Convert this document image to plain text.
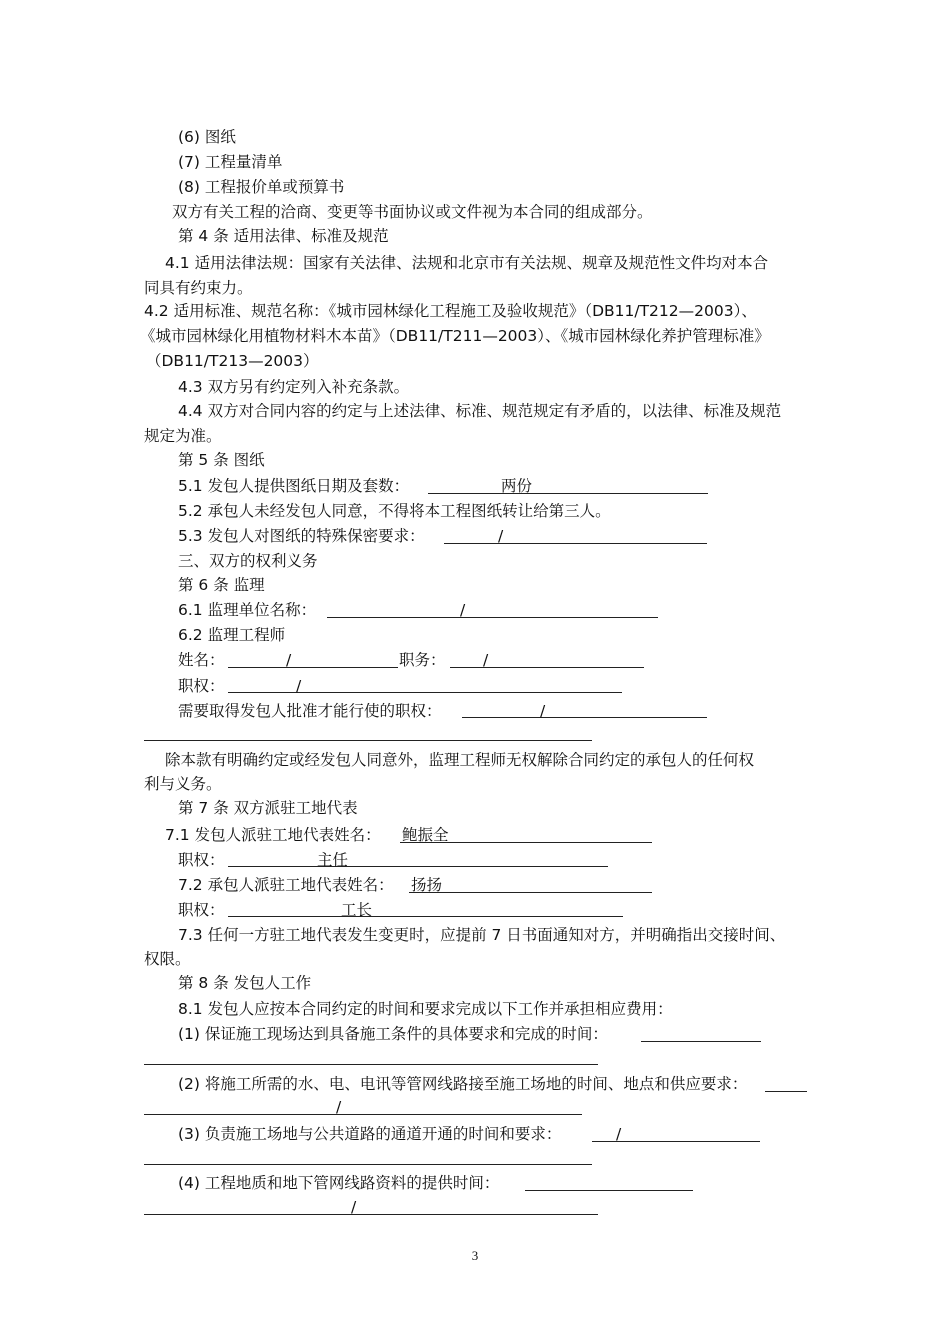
(6) 图纸
(7) 工程量清单
(8) 工程报价单或预算书
双方有关工程的洽商、变更等书面协议或文件视为本合同的组成部分。
第 4 条 适用法律、标准及规范
4.1 适用法律法规：国家有关法律、法规和北京市有关法规、规章及规范性文件均对本合
同具有约束力。
4.2 适用标准、规范名称：《城市园林绿化工程施工及验收规范》（DB11/T212—2003）、
《城市园林绿化用植物材料木本苗》（DB11/T211—2003）、《城市园林绿化养护管理标准》
（DB11/T213—2003）
4.3 双方另有约定列入补充条款。
4.4 双方对合同内容的约定与上述法律、标准、规范规定有矛盾的，以法律、标准及规范
规定为准。
第 5 条 图纸
5.1 发包人提供图纸日期及套数：	两份
5.2 承包人未经发包人同意，不得将本工程图纸转让给第三人。
5.3 发包人对图纸的特殊保密要求：	/
三、双方的权利义务
第 6 条 监理
6.1 监理单位名称：	/
6.2 监理工程师
姓名：	/	职务： /
职权：	/
需要取得发包人批准才能行使的职权：	/
除本款有明确约定或经发包人同意外，监理工程师无权解除合同约定的承包人的任何权
利与义务。
第 7 条 双方派驻工地代表
7.1 发包人派驻工地代表姓名： 鲍振全
职权：	主任
7.2 承包人派驻工地代表姓名： 扬扬
职权：	工长
7.3 任何一方驻工地代表发生变更时，应提前 7 日书面通知对方，并明确指出交接时间、
权限。
第 8 条 发包人工作
8.1 发包人应按本合同约定的时间和要求完成以下工作并承担相应费用：
(1) 保证施工现场达到具备施工条件的具体要求和完成的时间：
(2) 将施工所需的水、电、电讯等管网线路接至施工场地的时间、地点和供应要求：
/
(3) 负责施工场地与公共道路的通道开通的时间和要求：	/
(4) 工程地质和地下管网线路资料的提供时间：
/
3
